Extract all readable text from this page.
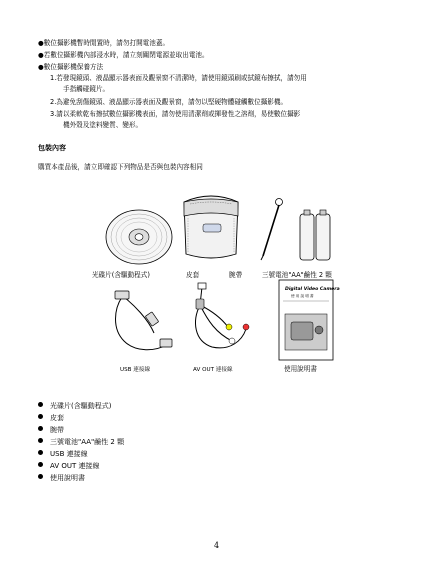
●數位攝影機暫時閒置時，請勿打開電池蓋。
●若數位攝影機內部浸水時，請立刻關閉電源並取出電池。
●數位攝影機保養方法
1.若發現鏡頭、液晶顯示器表面及觀景窗不清潔時，請使用鏡頭刷或拭鏡布擦拭，請勿用
手指觸碰鏡片。
2.為避免刮傷鏡頭、液晶顯示器表面及觀景窗，請勿以堅硬物體碰觸數位攝影機。
3.請以柔軟乾布擦拭數位攝影機表面，請勿使用清潔劑或揮發性之溶劑，易使數位攝影
機外殼及塗料變質、變形。
包裝內容
購買本產品後，請立即確認下列物品是否與包裝內容相同
光碟片(含驅動程式)	皮套	腕帶	三號電池"AA"鹼性 2 顆
Digital Video Camera
使 用 說 明 書
USB 連接線	AV OUT 連接線	使用說明書
光碟片(含驅動程式)
皮套
腕帶
三號電池"AA"鹼性 2 顆
USB 連接線
AV OUT 連接線
使用說明書
4
